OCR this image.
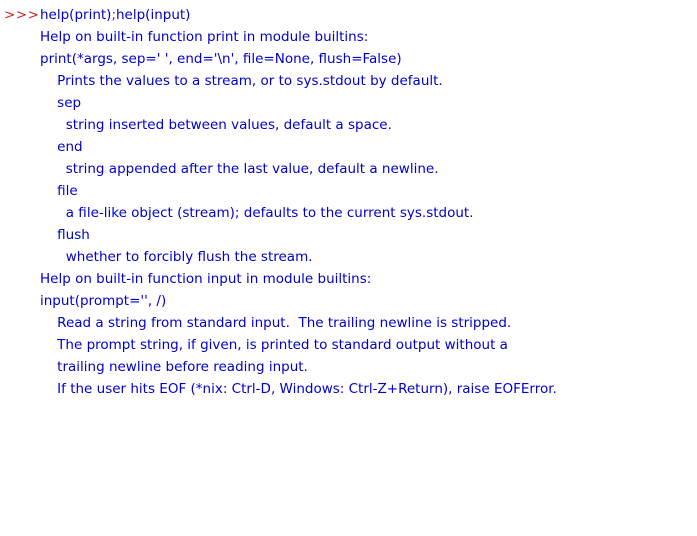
>>> help(print);help(input)
Help on built-in function print in module builtins:
print(*args, sep=' ', end='\n', file=None, flush=False)
Prints the values to a stream, or to sys.stdout by default.
sep
string inserted between values, default a space.
end
string appended after the last value, default a newline.
file
a file-like object (stream); defaults to the current sys.stdout.
flush
whether to forcibly flush the stream.
Help on built-in function input in module builtins:
input(prompt='', /)
Read a string from standard input.  The trailing newline is stripped.
The prompt string, if given, is printed to standard output without a
trailing newline before reading input.
If the user hits EOF (*nix: Ctrl-D, Windows: Ctrl-Z+Return), raise EOFError.
